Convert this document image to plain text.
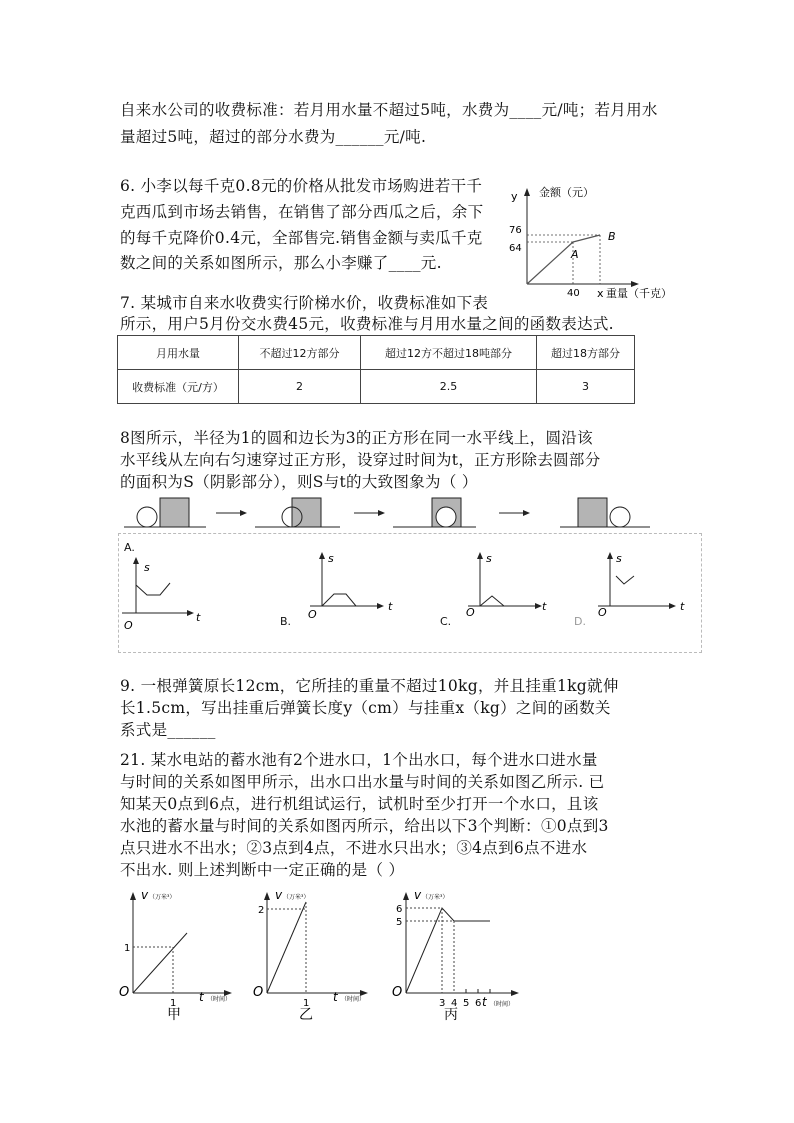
自来水公司的收费标准：若月用水量不超过5吨，水费为____元/吨；若月用水
量超过5吨，超过的部分水费为______元/吨.
6. 小李以每千克0.8元的价格从批发市场购进若干千
克西瓜到市场去销售，在销售了部分西瓜之后，余下
的每千克降价0.4元，全部售完.销售金额与卖瓜千克
数之间的关系如图所示，那么小李赚了____元.
y 金额（元）
76
64
40 x 重量（千克）
A
B
7. 某城市自来水收费实行阶梯水价，收费标准如下表
所示，用户5月份交水费45元，收费标准与月用水量之间的函数表达式.
月用水量	不超过12方部分	超过12方不超过18吨部分	超过18方部分
收费标准（元/方）	2	2.5	3
8图所示，半径为1的圆和边长为3的正方形在同一水平线上，圆沿该
水平线从左向右匀速穿过正方形，设穿过时间为t，正方形除去圆部分
的面积为S（阴影部分），则S与t的大致图象为（ ）
A.
s
t
O
s
t
O
B.
s
t
O
C.
s
t
O
D.
9. 一根弹簧原长12cm，它所挂的重量不超过10kg，并且挂重1kg就伸
长1.5cm，写出挂重后弹簧长度y（cm）与挂重x（kg）之间的函数关
系式是______
21. 某水电站的蓄水池有2个进水口，1个出水口，每个进水口进水量
与时间的关系如图甲所示，出水口出水量与时间的关系如图乙所示. 已
知某天0点到6点，进行机组试运行，试机时至少打开一个水口，且该
水池的蓄水量与时间的关系如图丙所示，给出以下3个判断：①0点到3
点只进水不出水；②3点到4点，不进水只出水；③4点到6点不进水
不出水. 则上述判断中一定正确的是（ ）
v （万米³）
1
1
O	t （时间）
甲
v （万米³）
2
1
O	t （时间）
乙
v （万米³）
6
5
3 4 5 6
O
t （时间）
丙
